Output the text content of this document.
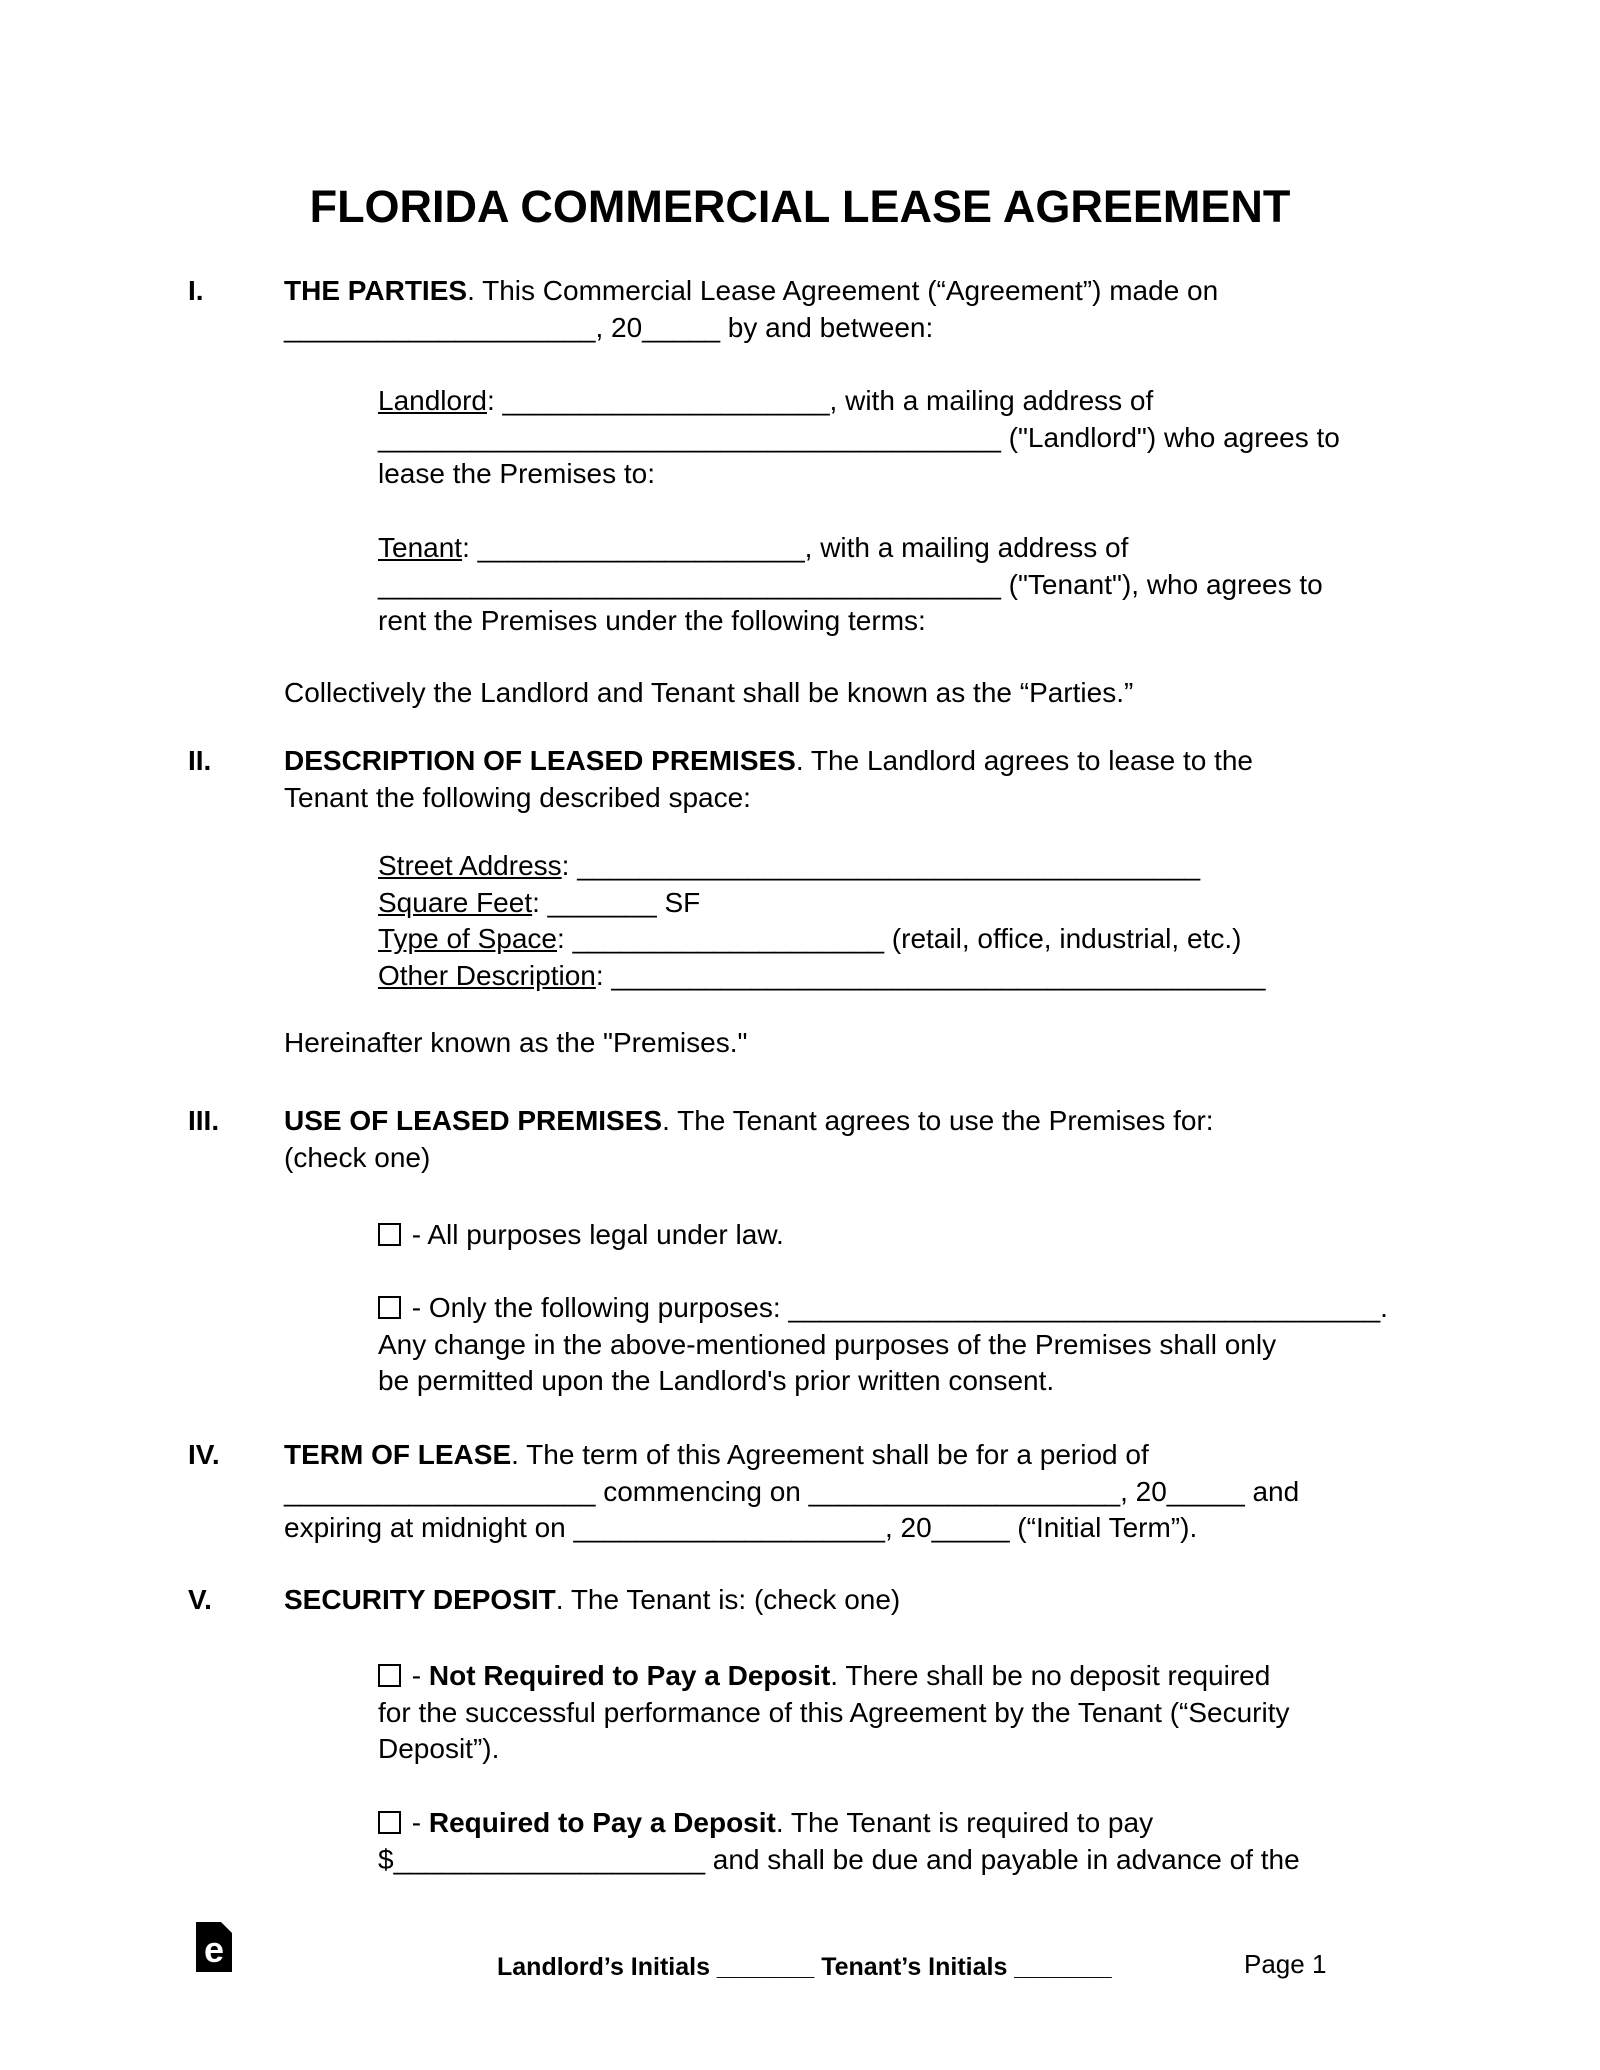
FLORIDA COMMERCIAL LEASE AGREEMENT
I.	THE PARTIES. This Commercial Lease Agreement (“Agreement”) made on
____________________, 20_____ by and between:
Landlord: _____________________, with a mailing address of
________________________________________ ("Landlord") who agrees to
lease the Premises to:
Tenant: _____________________, with a mailing address of
________________________________________ ("Tenant"), who agrees to
rent the Premises under the following terms:
Collectively the Landlord and Tenant shall be known as the “Parties.”
II.	DESCRIPTION OF LEASED PREMISES. The Landlord agrees to lease to the
Tenant the following described space:
Street Address: ________________________________________
Square Feet: _______ SF
Type of Space: ____________________ (retail, office, industrial, etc.)
Other Description: __________________________________________
Hereinafter known as the "Premises."
III. USE OF LEASED PREMISES. The Tenant agrees to use the Premises for:
(check one)
- All purposes legal under law.
- Only the following purposes: ______________________________________.
Any change in the above-mentioned purposes of the Premises shall only
be permitted upon the Landlord's prior written consent.
IV. TERM OF LEASE. The term of this Agreement shall be for a period of
____________________ commencing on ____________________, 20_____ and
expiring at midnight on ____________________, 20_____ (“Initial Term”).
V.	SECURITY DEPOSIT. The Tenant is: (check one)
- Not Required to Pay a Deposit. There shall be no deposit required
for the successful performance of this Agreement by the Tenant (“Security
Deposit”).
- Required to Pay a Deposit. The Tenant is required to pay
$____________________ and shall be due and payable in advance of the
e	Landlord’s Initials _______ Tenant’s Initials _______	Page 1
